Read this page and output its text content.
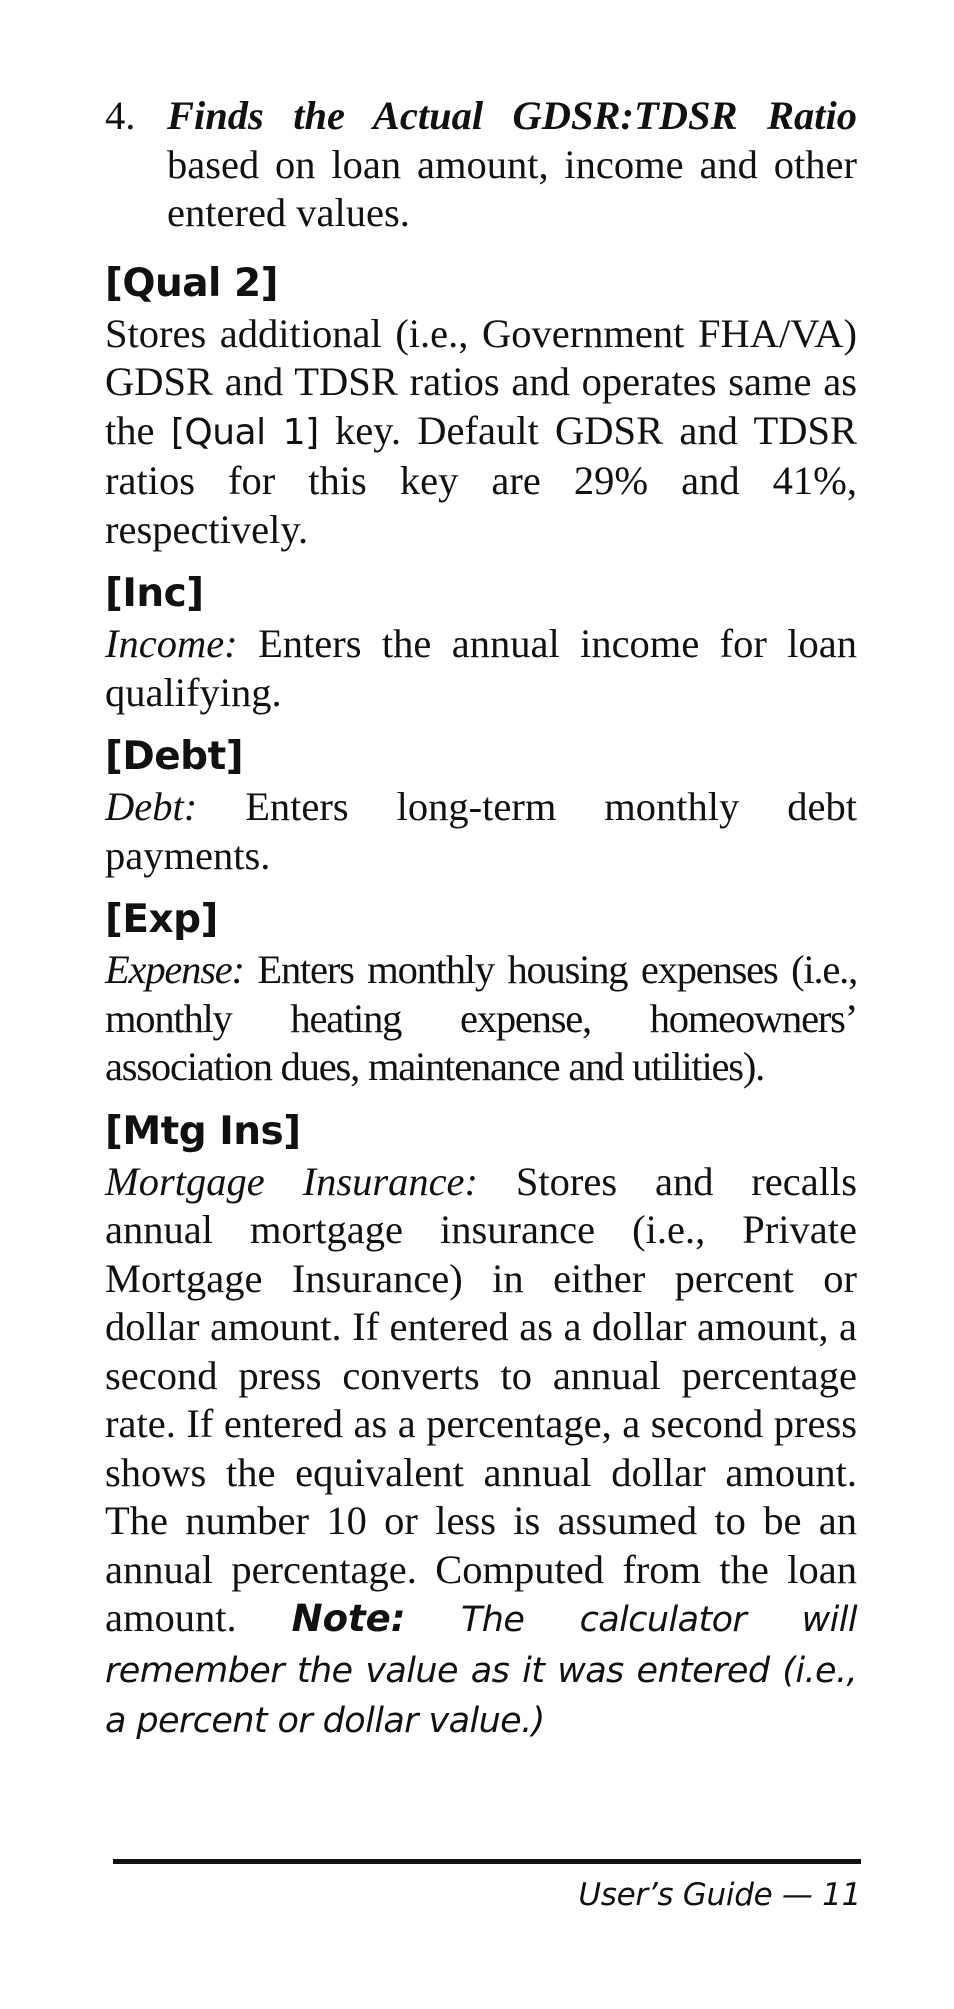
4. Finds the Actual GDSR:TDSR Ratio based on loan amount, income and other entered values.
[Qual 2]
Stores additional (i.e., Government FHA/VA) GDSR and TDSR ratios and operates same as the [Qual 1] key. Default GDSR and TDSR ratios for this key are 29% and 41%, respectively.
[Inc]
Income: Enters the annual income for loan qualifying.
[Debt]
Debt: Enters long-term monthly debt payments.
[Exp]
Expense: Enters monthly housing expenses (i.e., monthly heating expense, homeowners’ association dues, maintenance and utilities).
[Mtg Ins]
Mortgage Insurance: Stores and recalls annual mortgage insurance (i.e., Private Mortgage Insurance) in either percent or dollar amount. If entered as a dollar amount, a second press converts to annual percentage rate. If entered as a percentage, a second press shows the equivalent annual dollar amount. The number 10 or less is assumed to be an annual percentage. Computed from the loan amount. Note: The calculator will remember the value as it was entered (i.e., a percent or dollar value.)
User’s Guide — 11
